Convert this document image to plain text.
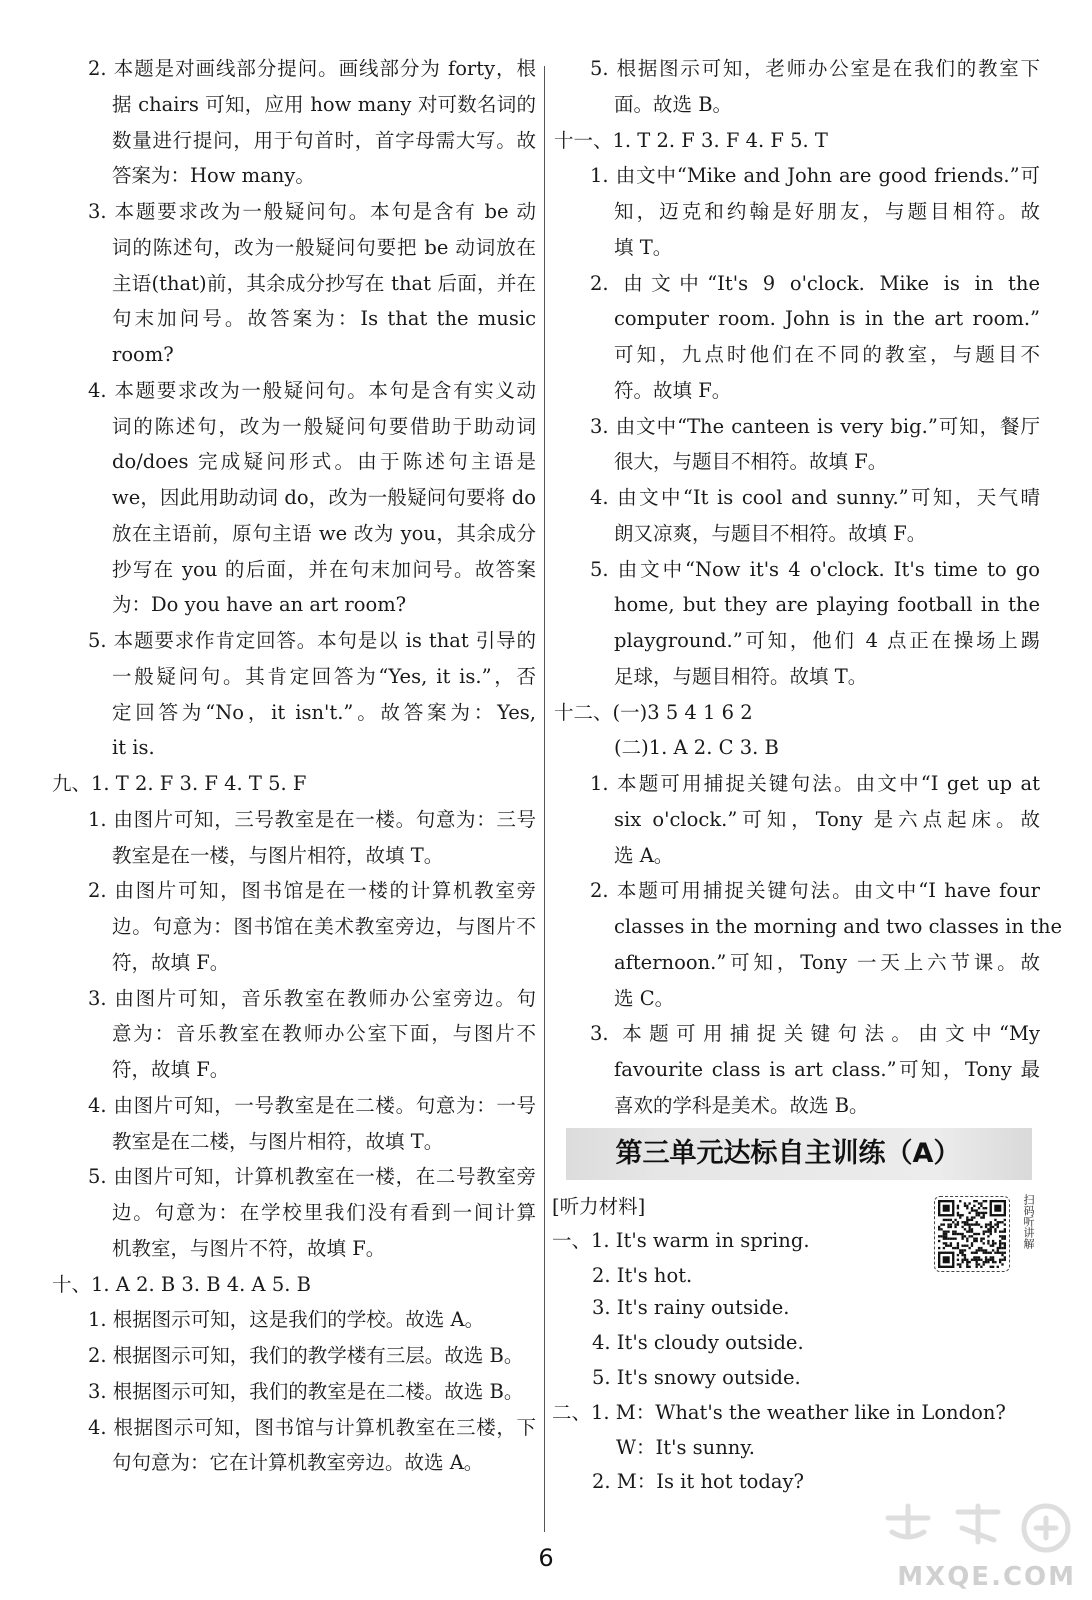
2. 本题是对画线部分提问。画线部分为 forty，根
据 chairs 可知，应用 how many 对可数名词的
数量进行提问，用于句首时，首字母需大写。故
答案为：How many。
3. 本题要求改为一般疑问句。本句是含有 be 动
词的陈述句，改为一般疑问句要把 be 动词放在
主语(that)前，其余成分抄写在 that 后面，并在
句末加问号。故答案为：Is that the music
room?
4. 本题要求改为一般疑问句。本句是含有实义动
词的陈述句，改为一般疑问句要借助于助动词
do/does 完成疑问形式。由于陈述句主语是
we，因此用助动词 do，改为一般疑问句要将 do
放在主语前，原句主语 we 改为 you，其余成分
抄写在 you 的后面，并在句末加问号。故答案
为：Do you have an art room?
5. 本题要求作肯定回答。本句是以 is that 引导的
一般疑问句。其肯定回答为“Yes, it is.”，否
定回答为“No，it isn't.”。故答案为：Yes,
it is.
九、1. T 2. F 3. F 4. T 5. F
1. 由图片可知，三号教室是在一楼。句意为：三号
教室是在一楼，与图片相符，故填 T。
2. 由图片可知，图书馆是在一楼的计算机教室旁
边。句意为：图书馆在美术教室旁边，与图片不
符，故填 F。
3. 由图片可知，音乐教室在教师办公室旁边。句
意为：音乐教室在教师办公室下面，与图片不
符，故填 F。
4. 由图片可知，一号教室是在二楼。句意为：一号
教室是在二楼，与图片相符，故填 T。
5. 由图片可知，计算机教室在一楼，在二号教室旁
边。句意为：在学校里我们没有看到一间计算
机教室，与图片不符，故填 F。
十、1. A 2. B 3. B 4. A 5. B
1. 根据图示可知，这是我们的学校。故选 A。
2. 根据图示可知，我们的教学楼有三层。故选 B。
3. 根据图示可知，我们的教室是在二楼。故选 B。
4. 根据图示可知，图书馆与计算机教室在三楼，下
句句意为：它在计算机教室旁边。故选 A。
5. 根据图示可知，老师办公室是在我们的教室下
面。故选 B。
十一、1. T 2. F 3. F 4. F 5. T
1. 由文中“Mike and John are good friends.”可
知，迈克和约翰是好朋友，与题目相符。故
填 T。
2. 由文中“It's 9 o'clock. Mike is in the
computer room. John is in the art room.”
可知，九点时他们在不同的教室，与题目不
符。故填 F。
3. 由文中“The canteen is very big.”可知，餐厅
很大，与题目不相符。故填 F。
4. 由文中“It is cool and sunny.”可知，天气晴
朗又凉爽，与题目不相符。故填 F。
5. 由文中“Now it's 4 o'clock. It's time to go
home, but they are playing football in the
playground.”可知，他们 4 点正在操场上踢
足球，与题目相符。故填 T。
十二、(一)3 5 4 1 6 2
(二)1. A 2. C 3. B
1. 本题可用捕捉关键句法。由文中“I get up at
six o'clock.”可知，Tony 是六点起床。故
选 A。
2. 本题可用捕捉关键句法。由文中“I have four
classes in the morning and two classes in the
afternoon.”可知，Tony 一天上六节课。故
选 C。
3. 本题可用捕捉关键句法。由文中“My
favourite class is art class.”可知，Tony 最
喜欢的学科是美术。故选 B。
第三单元达标自主训练（A）
[听力材料]
一、1. It's warm in spring.
2. It's hot.
3. It's rainy outside.
4. It's cloudy outside.
5. It's snowy outside.
二、1. M：What's the weather like in London?
W：It's sunny.
2. M：Is it hot today?
扫码听讲解
6
MXQE.COM
